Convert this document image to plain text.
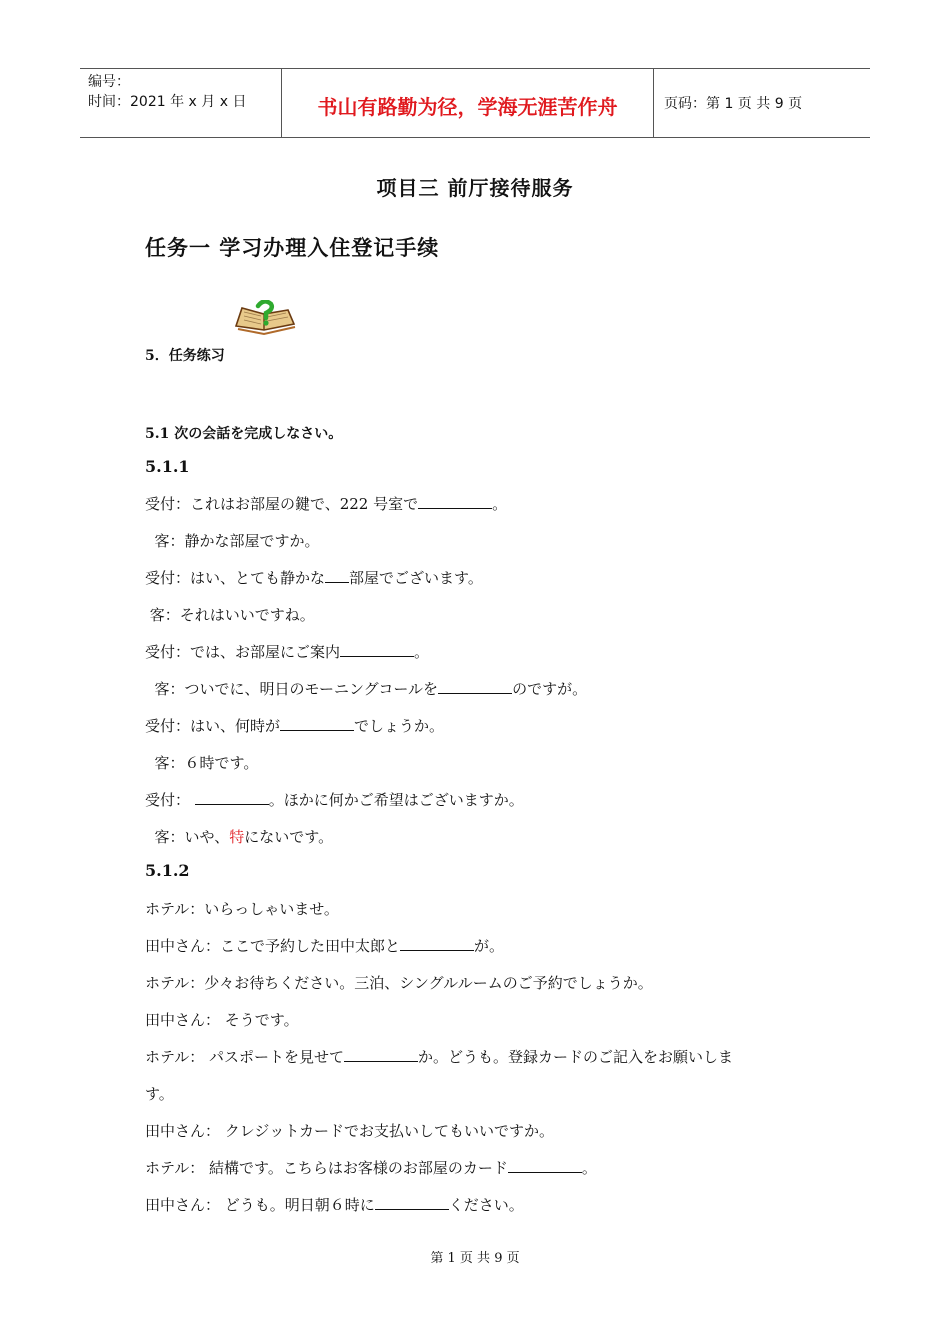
编号：
时间：2021 年 x 月 x 日	书山有路勤为径，学海无涯苦作舟	页码：第 1 页 共 9 页
项目三 前厅接待服务
任务一 学习办理入住登记手续
5．任务练习
5.1 次の会話を完成しなさい。
5.1.1
受付：これはお部屋の鍵で、222 号室で	。
客：静かな部屋ですか。
受付：はい、とても静かな 部屋でございます。
客：それはいいですね。
受付：では、お部屋にご案内	。
客：ついでに、明日のモーニングコールを	のですが。
受付：はい、何時が	でしょうか。
客：６時です。
受付：	。ほかに何かご希望はございますか。
客：いや、特にないです。
5.1.2
ホテル：いらっしゃいませ。
田中さん：ここで予約した田中太郎と	が。
ホテル：少々お待ちください。三泊、シングルルームのご予約でしょうか。
田中さん： そうです。
ホテル： パスポートを見せて	か。どうも。登録カードのご記入をお願いしま
す。
田中さん： クレジットカードでお支払いしてもいいですか。
ホテル： 結構です。こちらはお客様のお部屋のカード	。
田中さん： どうも。明日朝６時に	ください。
第 1 页 共 9 页
